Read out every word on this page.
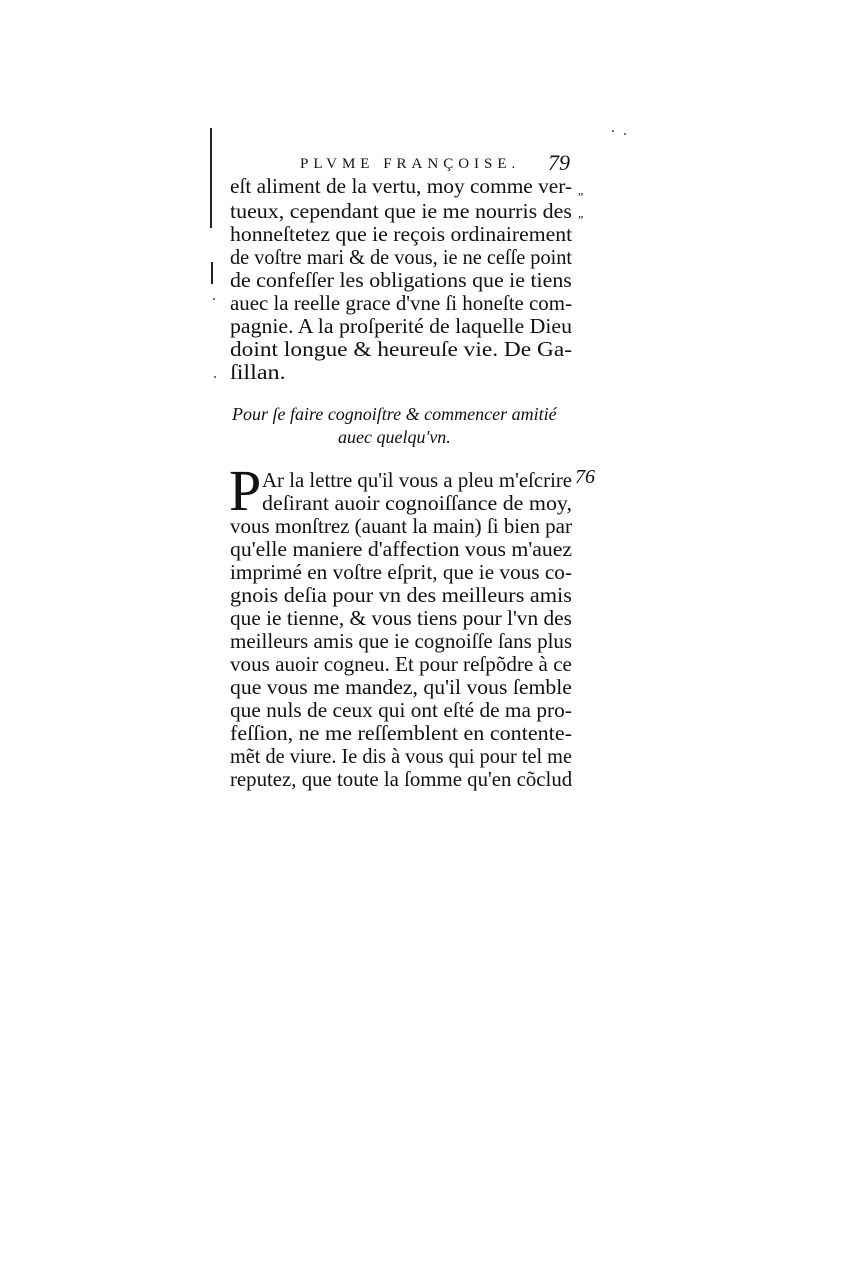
PLVME FRANÇOISE. 79
eſt aliment de la vertu, moy comme ver-
tueux, cependant que ie me nourris des
honneſtetez que ie reçois ordinairement
de voſtre mari & de vous, ie ne ceſſe point
de confeſſer les obligations que ie tiens
auec la reelle grace d'vne ſi honeſte com-
pagnie. A la proſperité de laquelle Dieu
doint longue & heureuſe vie. De Ga-
ſillan.
„
„
Pour ſe faire cognoiſtre & commencer amitié
auec quelqu'vn.
P	76
Ar la lettre qu'il vous a pleu m'eſcrire
deſirant auoir cognoiſſance de moy,
vous monſtrez (auant la main) ſi bien par
qu'elle maniere d'affection vous m'auez
imprimé en voſtre eſprit, que ie vous co-
gnois deſia pour vn des meilleurs amis
que ie tienne, & vous tiens pour l'vn des
meilleurs amis que ie cognoiſſe ſans plus
vous auoir cogneu. Et pour reſpõdre à ce
que vous me mandez, qu'il vous ſemble
que nuls de ceux qui ont eſté de ma pro-
feſſion, ne me reſſemblent en contente-
mẽt de viure. Ie dis à vous qui pour tel me
reputez, que toute la ſomme qu'en cõclud
